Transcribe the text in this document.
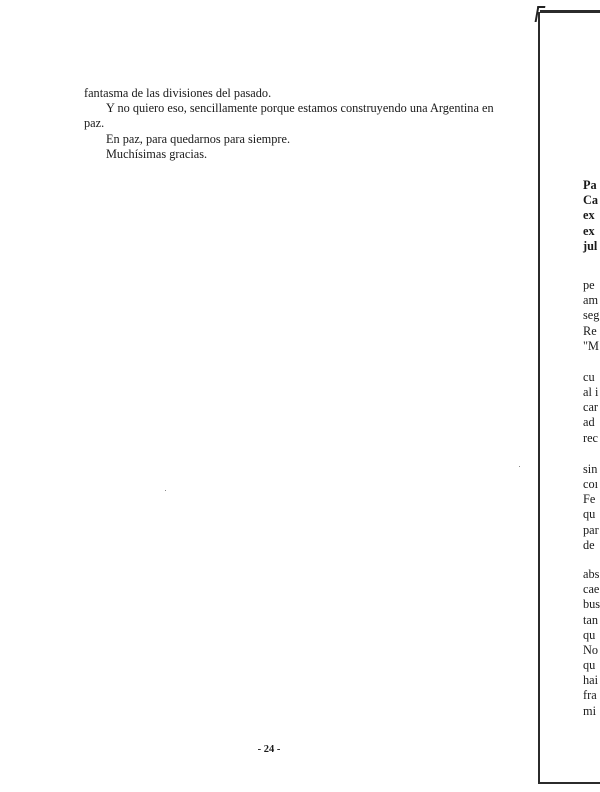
fantasma de las divisiones del pasado.

Y no quiero eso, sencillamente porque estamos construyendo una Argentina en paz.

En paz, para quedarnos para siempre.

Muchísimas gracias.

- 24 -
Pa
Ca
ex
ex
jul
pe
am
seg
Re
"M
cu
al i
car
ad
rec
sin
coı
Fe
qu
par
de
abs
cae
bus
tan
qu
No
qu
hai
fra
mi
